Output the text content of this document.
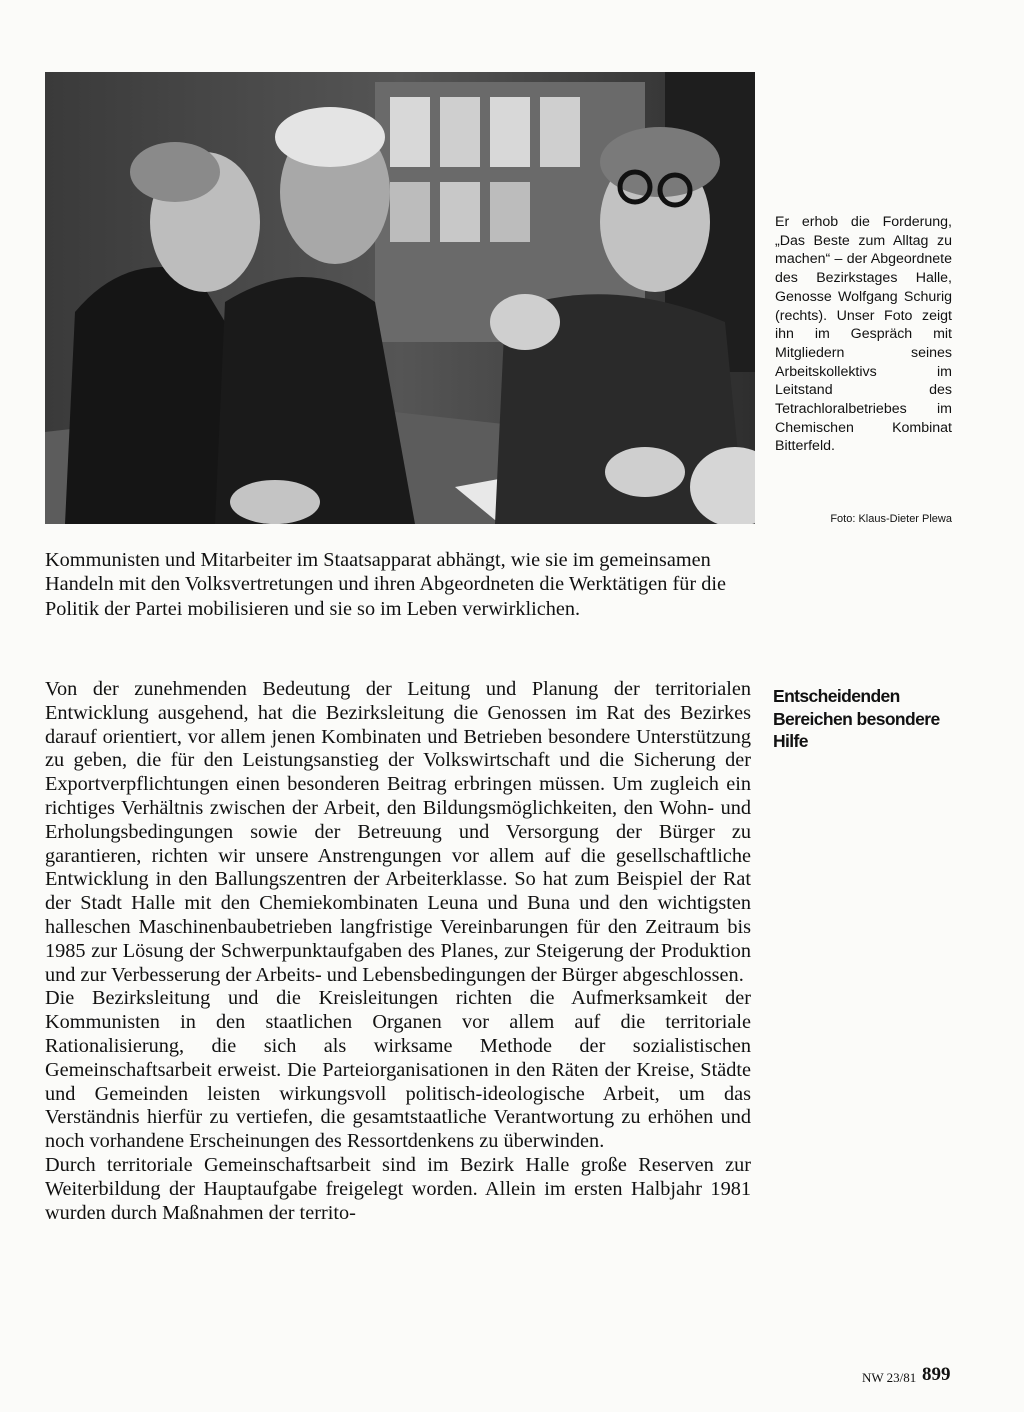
Er erhob die Forderung, „Das Beste zum Alltag zu machen“ – der Abgeordnete des Bezirkstages Halle, Genosse Wolfgang Schurig (rechts). Unser Foto zeigt ihn im Gespräch mit Mitgliedern seines Arbeitskollektivs im Leitstand des Tetrachloralbetriebes im Chemischen Kombinat Bitterfeld.
Foto: Klaus-Dieter Plewa

Kommunisten und Mitarbeiter im Staatsapparat abhängt, wie sie im gemeinsamen Handeln mit den Volksvertretungen und ihren Abgeordneten die Werktätigen für die Politik der Partei mobilisieren und sie so im Leben verwirklichen.

Entscheidenden Bereichen besondere Hilfe

Von der zunehmenden Bedeutung der Leitung und Planung der territorialen Entwicklung ausgehend, hat die Bezirksleitung die Genossen im Rat des Bezirkes darauf orientiert, vor allem jenen Kombinaten und Betrieben besondere Unterstützung zu geben, die für den Leistungsanstieg der Volkswirtschaft und die Sicherung der Exportverpflichtungen einen besonderen Beitrag erbringen müssen. Um zugleich ein richtiges Verhältnis zwischen der Arbeit, den Bildungsmöglichkeiten, den Wohn- und Erholungsbedingungen sowie der Betreuung und Versorgung der Bürger zu garantieren, richten wir unsere Anstrengungen vor allem auf die gesellschaftliche Entwicklung in den Ballungszentren der Arbeiterklasse. So hat zum Beispiel der Rat der Stadt Halle mit den Chemiekombinaten Leuna und Buna und den wichtigsten halleschen Maschinenbaubetrieben langfristige Vereinbarungen für den Zeitraum bis 1985 zur Lösung der Schwerpunktaufgaben des Planes, zur Steigerung der Produktion und zur Verbesserung der Arbeits- und Lebensbedingungen der Bürger abgeschlossen.

Die Bezirksleitung und die Kreisleitungen richten die Aufmerksamkeit der Kommunisten in den staatlichen Organen vor allem auf die territoriale Rationalisierung, die sich als wirksame Methode der sozialistischen Gemeinschaftsarbeit erweist. Die Parteiorganisationen in den Räten der Kreise, Städte und Gemeinden leisten wirkungsvoll politisch-ideologische Arbeit, um das Verständnis hierfür zu vertiefen, die gesamtstaatliche Verantwortung zu erhöhen und noch vorhandene Erscheinungen des Ressortdenkens zu überwinden.

Durch territoriale Gemeinschaftsarbeit sind im Bezirk Halle große Reserven zur Weiterbildung der Hauptaufgabe freigelegt worden. Allein im ersten Halbjahr 1981 wurden durch Maßnahmen der territo-

NW 23/81 899
